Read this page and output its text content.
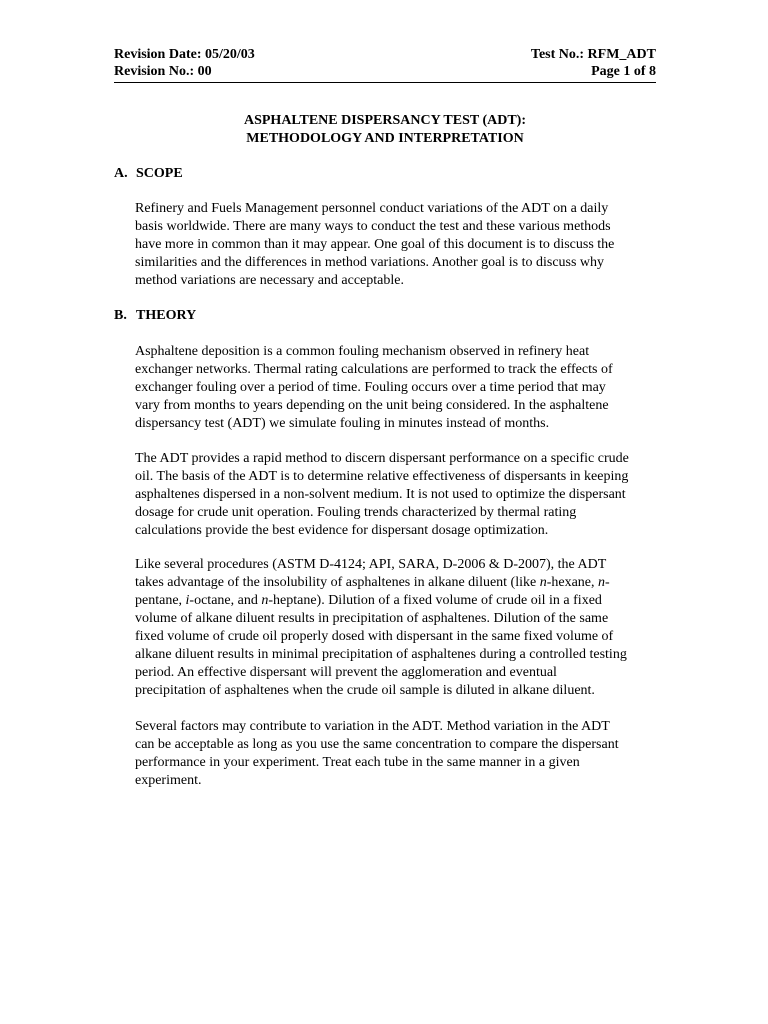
Revision Date: 05/20/03	Test No.: RFM_ADT
Revision No.: 00	Page 1 of 8
ASPHALTENE DISPERSANCY TEST (ADT):
METHODOLOGY AND INTERPRETATION
A. SCOPE
Refinery and Fuels Management personnel conduct variations of the ADT on a daily
basis worldwide. There are many ways to conduct the test and these various methods
have more in common than it may appear. One goal of this document is to discuss the
similarities and the differences in method variations. Another goal is to discuss why
method variations are necessary and acceptable.
B. THEORY
Asphaltene deposition is a common fouling mechanism observed in refinery heat
exchanger networks. Thermal rating calculations are performed to track the effects of
exchanger fouling over a period of time. Fouling occurs over a time period that may
vary from months to years depending on the unit being considered. In the asphaltene
dispersancy test (ADT) we simulate fouling in minutes instead of months.
The ADT provides a rapid method to discern dispersant performance on a specific crude
oil. The basis of the ADT is to determine relative effectiveness of dispersants in keeping
asphaltenes dispersed in a non-solvent medium. It is not used to optimize the dispersant
dosage for crude unit operation. Fouling trends characterized by thermal rating
calculations provide the best evidence for dispersant dosage optimization.
Like several procedures (ASTM D-4124; API, SARA, D-2006 & D-2007), the ADT
takes advantage of the insolubility of asphaltenes in alkane diluent (like n-hexane, n-
pentane, i-octane, and n-heptane). Dilution of a fixed volume of crude oil in a fixed
volume of alkane diluent results in precipitation of asphaltenes. Dilution of the same
fixed volume of crude oil properly dosed with dispersant in the same fixed volume of
alkane diluent results in minimal precipitation of asphaltenes during a controlled testing
period. An effective dispersant will prevent the agglomeration and eventual
precipitation of asphaltenes when the crude oil sample is diluted in alkane diluent.
Several factors may contribute to variation in the ADT. Method variation in the ADT
can be acceptable as long as you use the same concentration to compare the dispersant
performance in your experiment. Treat each tube in the same manner in a given
experiment.
